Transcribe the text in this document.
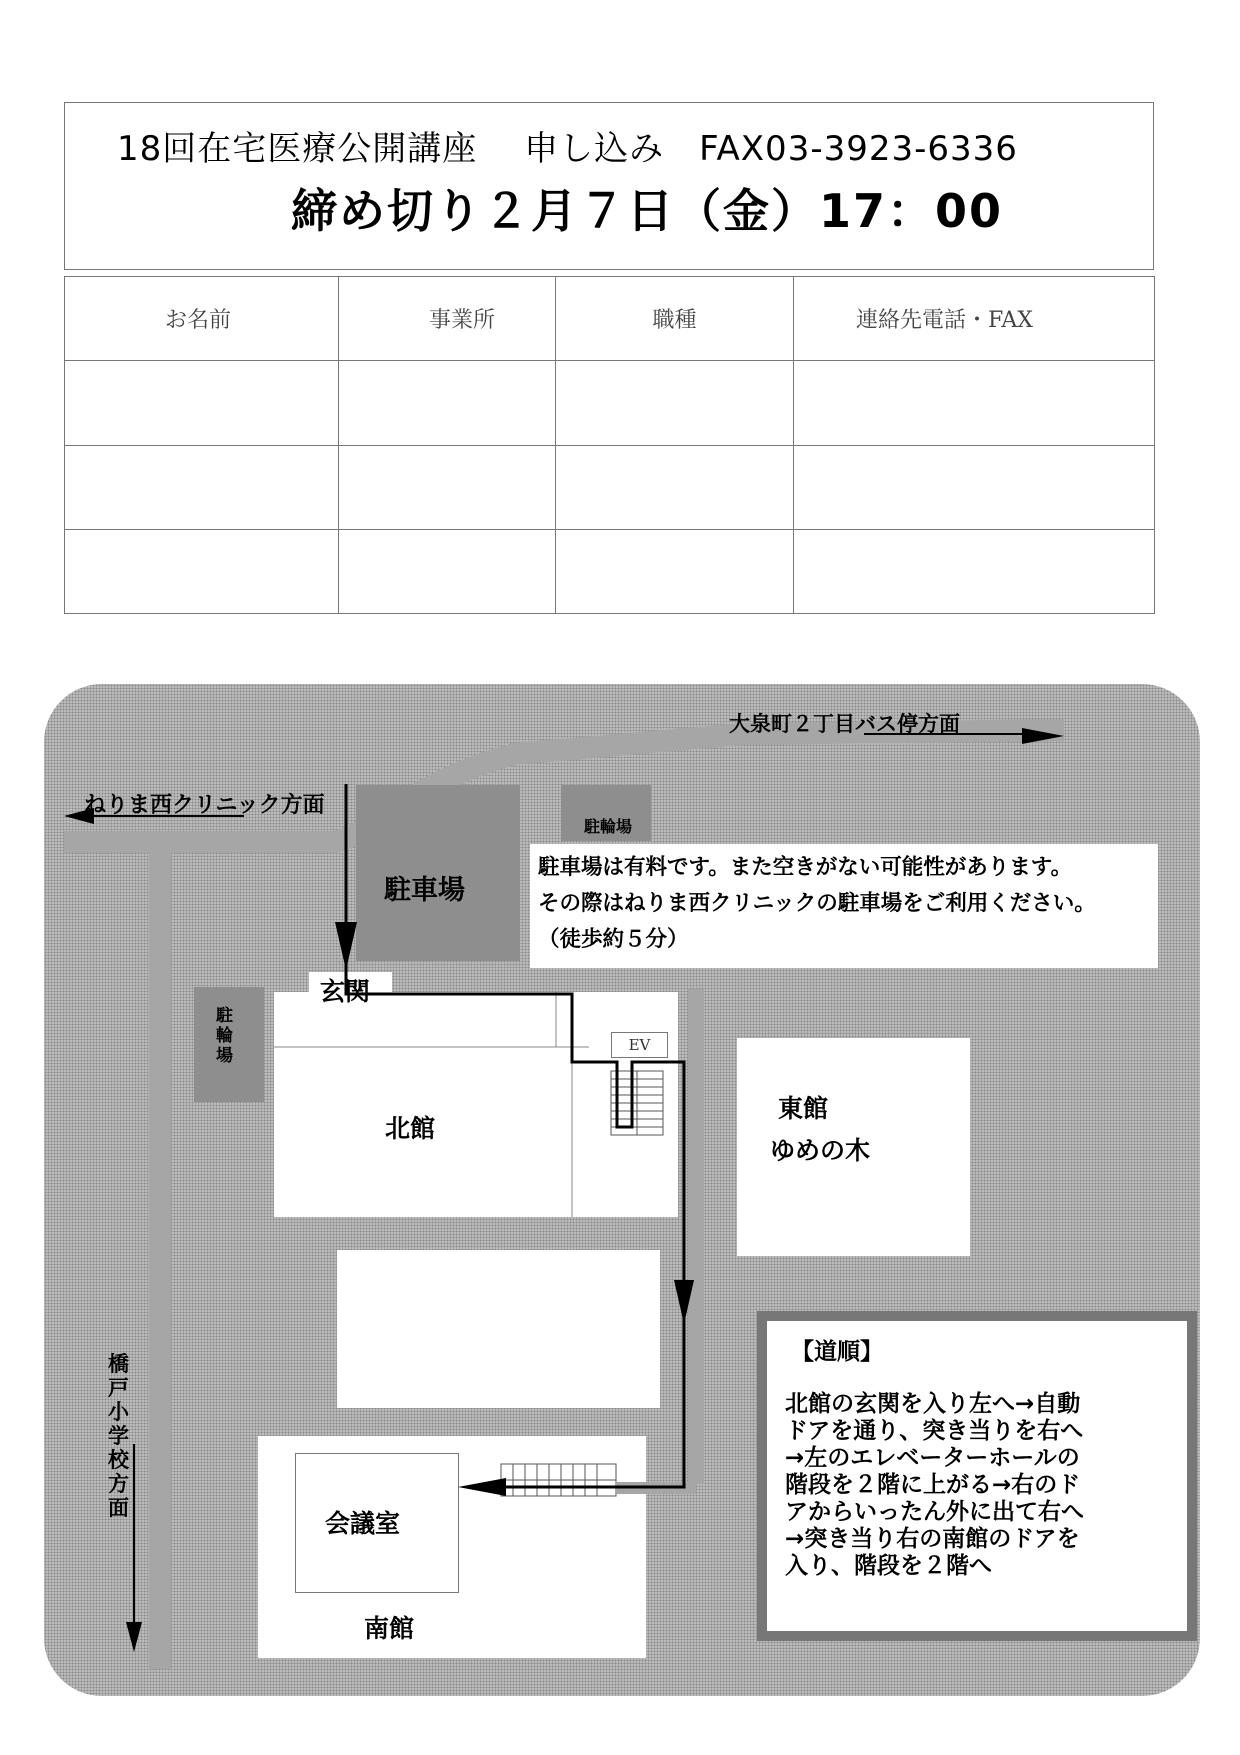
18回在宅医療公開講座　 申し込み　FAX03-3923-6336
締め切り２月７日（金）17：00
お名前	事業所	職種	連絡先電話・FAX

駐車場
駐輪場
駐輪場
駐車場は有料です。また空きがない可能性があります。
その際はねりま西クリニックの駐車場をご利用ください。
（徒歩約５分）
玄関
北館
EV
東館
ゆめの木
会議室
南館
大泉町２丁目バス停方面
ねりま西クリニック方面
橋戸小学校方面
【道順】
北館の玄関を入り左へ→自動
ドアを通り、突き当りを右へ
→左のエレベーターホールの
階段を２階に上がる→右のド
アからいったん外に出て右へ
→突き当り右の南館のドアを
入り、階段を２階へ
